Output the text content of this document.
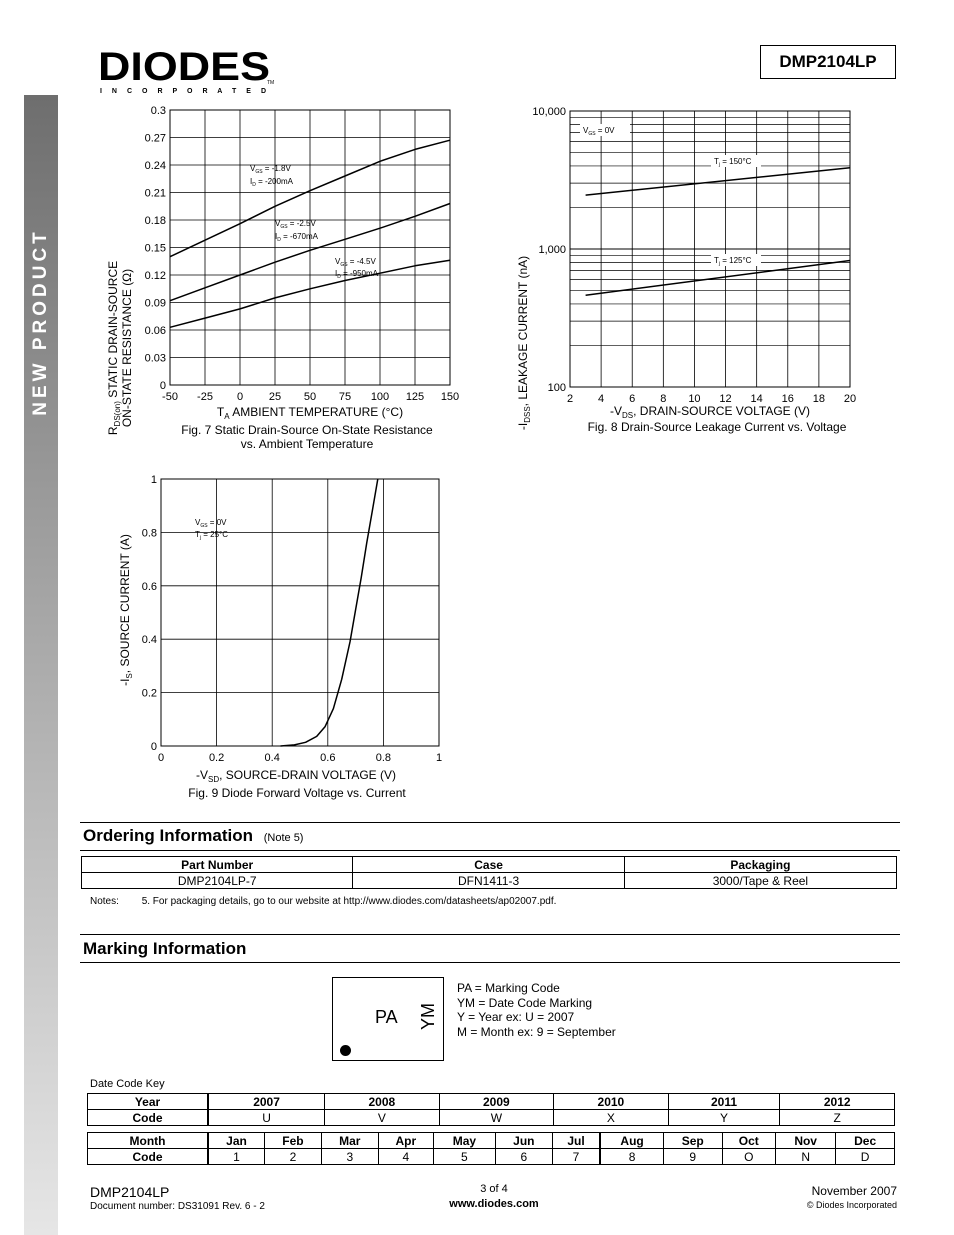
NEW PRODUCT
DIODES
I N C O R P O R A T E D
TM
DMP2104LP
-50 -25 0 25 50 75 100 125 150
0
0.03
0.06
0.09
0.12
0.15
0.18
0.21
0.24
0.27
0.3
$R_{DS(on)}$ STATIC DRAIN-SOURCE ON-STATE RESISTANCE (Ω)	$T_A$ AMBIENT TEMPERATURE (°C)
Fig. 7 Static Drain-Source On-State Resistance
vs. Ambient Temperature
$V_{GS} = -1.8V$
$I_D = -200mA$
$V_{GS} = -2.5V$
$I_D = -670mA$
$V_{GS} = -4.5V$
$I_D = -950mA$
2 4 6 8 10 12 14 16 18 20
100
1,000
10,000
$-I_{DSS}$, LEAKAGE CURRENT (nA)
$-V_{DS}$, DRAIN-SOURCE VOLTAGE (V)
Fig. 8 Drain-Source Leakage Current vs. Voltage
$V_{GS} = 0V$
$T_j = 150^\circ C$
$T_j = 125^\circ C$
0	0.2	0.4	0.6	0.8	1
0
0.2
0.4
0.6
0.8
1
$-I_S$, SOURCE CURRENT (A)
$-V_{SD}$, SOURCE-DRAIN VOLTAGE (V)
Fig. 9 Diode Forward Voltage vs. Current
$V_{GS} = 0V$
$T_j = 25^\circ C$
Ordering Information (Note 5)
Part Number	Case	Packaging
DMP2104LP-7	DFN1411-3	3000/Tape & Reel
Notes: 5. For packaging details, go to our website at http://www.diodes.com/datasheets/ap02007.pdf.
Marking Information
PA YM
PA = Marking Code
YM = Date Code Marking
Y = Year ex: U = 2007
M = Month ex: 9 = September
Date Code Key
Year	2007	2008	2009	2010	2011	2012
Code	U	V	W	X	Y	Z
Month	Jan	Feb	Mar	Apr	May	Jun	Jul	Aug	Sep	Oct	Nov	Dec
Code	1	2	3	4	5	6	7	8	9	O	N	D
DMP2104LP
Document number: DS31091 Rev. 6 - 2
3 of 4
www.diodes.com
November 2007
© Diodes Incorporated
